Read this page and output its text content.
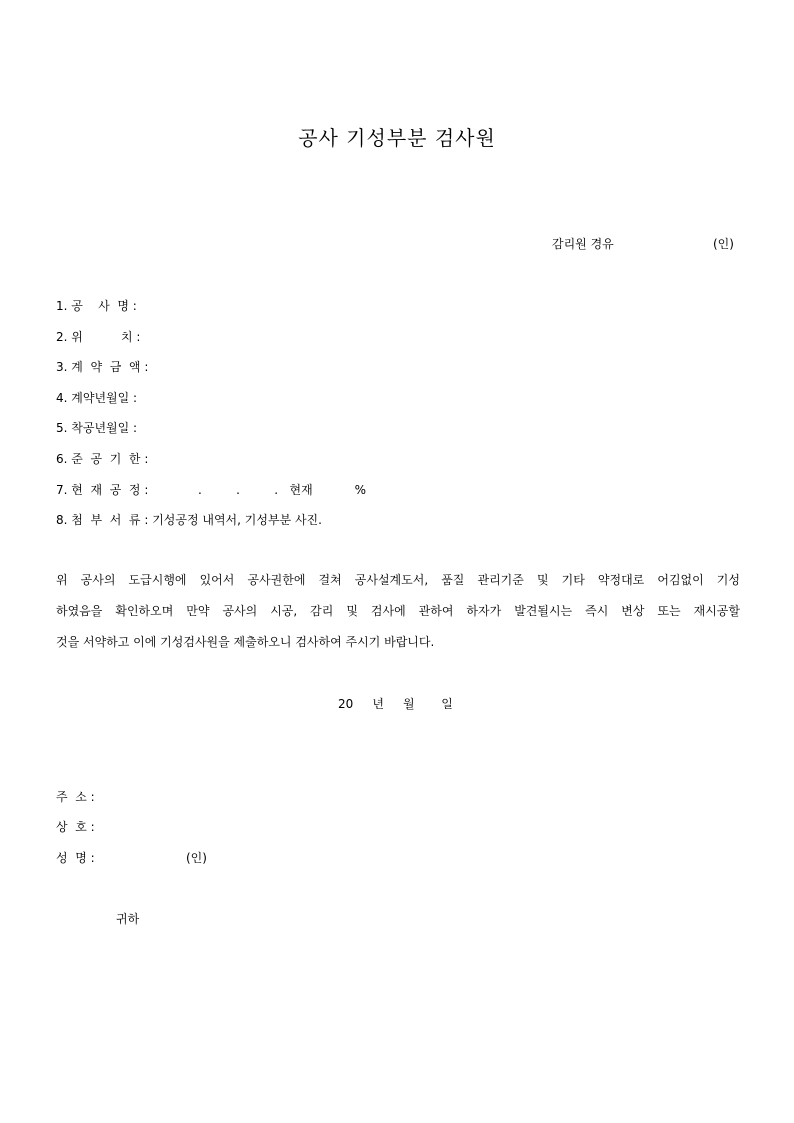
공사 기성부분 검사원
감리원 경유	(인)
1. 공    사  명 :
2. 위          치 :
3. 계  약  금  액 :
4. 계약년월일 :
5. 착공년월일 :
6. 준  공  기  한 :
7. 현  재  공  정 :             .         .         .   현재           %
8. 첨  부  서  류 : 기성공정 내역서, 기성부분 사진.
위 공사의 도급시행에 있어서 공사권한에 걸쳐 공사설계도서, 품질 관리기준 및 기타 약정대로 어김없이 기성
하였음을 확인하오며 만약 공사의 시공, 감리 및 검사에 관하여 하자가 발견될시는 즉시 변상 또는 재시공할
것을 서약하고 이에 기성검사원을 제출하오니 검사하여 주시기 바랍니다.
20     년     월       일
주  소 :
상  호 :
성  명 :	(인)
귀하
